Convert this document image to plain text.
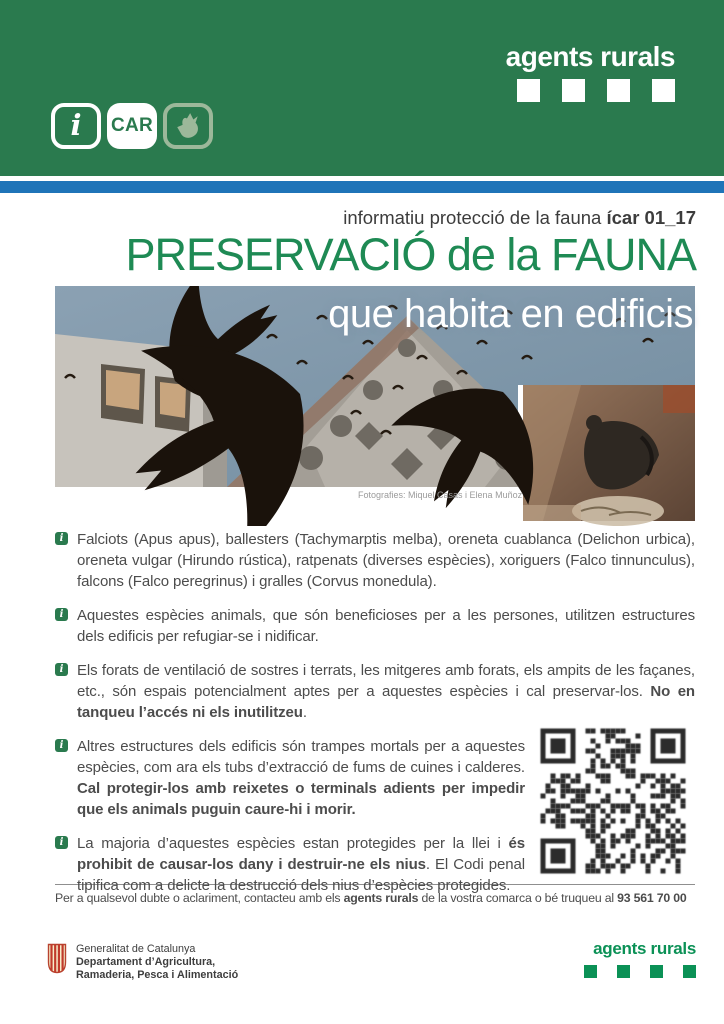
agents rurals
i	CAR
informatiu protecció de la fauna ícar 01_17
PRESERVACIÓ de la FAUNA
que habita en edificis
Fotografies: Miquel Casas i Elena Muñoz
i Falciots (Apus apus), ballesters (Tachymarptis melba), oreneta cuablanca (Delichon urbica), oreneta vulgar (Hirundo rústica), ratpenats (diverses espècies), xoriguers (Falco tinnunculus), falcons (Falco peregrinus) i gralles (Corvus monedula).

i Aquestes espècies animals, que són beneficioses per a les persones, utilitzen estructures dels edificis per refugiar-se i nidificar.

i Els forats de ventilació de sostres i terrats, les mitgeres amb forats, els ampits de les façanes, etc., són espais potencialment aptes per a aquestes espècies i cal preservar-los. No en tanqueu l’accés ni els inutilitzeu.

i Altres estructures dels edificis són trampes mortals per a aquestes espècies, com ara els tubs d’extracció de fums de cuines i calderes. Cal protegir-los amb reixetes o terminals adients per impedir que els animals puguin caure-hi i morir.

i La majoria d’aquestes espècies estan protegides per la llei i és prohibit de causar-los dany i destruir-ne els nius. El Codi penal tipifica com a delicte la destrucció dels nius d’espècies protegides.

Per a qualsevol dubte o aclariment, contacteu amb els agents rurals de la vostra comarca o bé truqueu al 93 561 70 00
Generalitat de Catalunya
Departament d’Agricultura,
Ramaderia, Pesca i Alimentació
agents rurals
